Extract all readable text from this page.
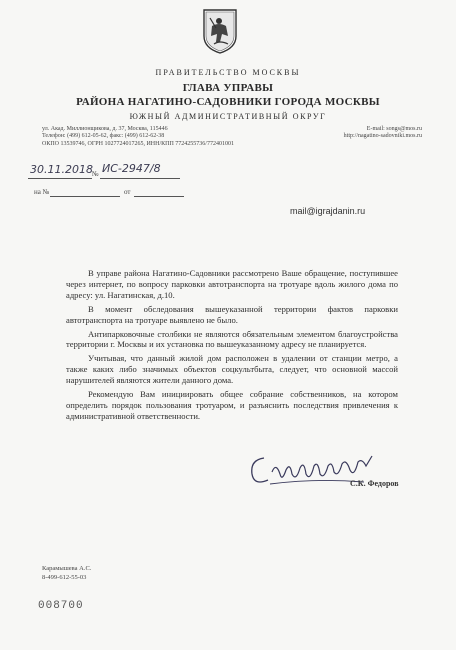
ПРАВИТЕЛЬСТВО МОСКВЫ
ГЛАВА УПРАВЫ
РАЙОНА НАГАТИНО-САДОВНИКИ ГОРОДА МОСКВЫ
ЮЖНЫЙ АДМИНИСТРАТИВНЫЙ ОКРУГ
ул. Акад. Миллионщикова, д. 37, Москва, 115446
Телефон: (499) 612-05-62, факс: (499) 612-62-38
ОКПО 13539746, ОГРН 1027724017265, ИНН/КПП 7724255736/772401001
E-mail: songs@mos.ru
http://nagatino-sadovniki.mos.ru
30.11.2018 № ИС-2947/8
на №	от
mail@igrajdanin.ru

В управе района Нагатино-Садовники рассмотрено Ваше обращение, поступившее через интернет, по вопросу парковки автотранспорта на тротуаре вдоль жилого дома по адресу: ул. Нагатинская, д.10.

В момент обследования вышеуказанной территории фактов парковки автотранспорта на тротуаре выявлено не было.

Антипарковочные столбики не являются обязательным элементом благоустройства территории г. Москвы и их установка по вышеуказанному адресу не планируется.

Учитывая, что данный жилой дом расположен в удалении от станции метро, а также каких либо значимых объектов соцкультбыта, следует, что основной массой нарушителей являются жители данного дома.

Рекомендую Вам инициировать общее собрание собственников, на котором определить порядок пользования тротуаром, и разъяснить последствия привлечения к административной ответственности.

С.К. Федоров
Карамышева А.С.
8-499-612-55-03
008700
